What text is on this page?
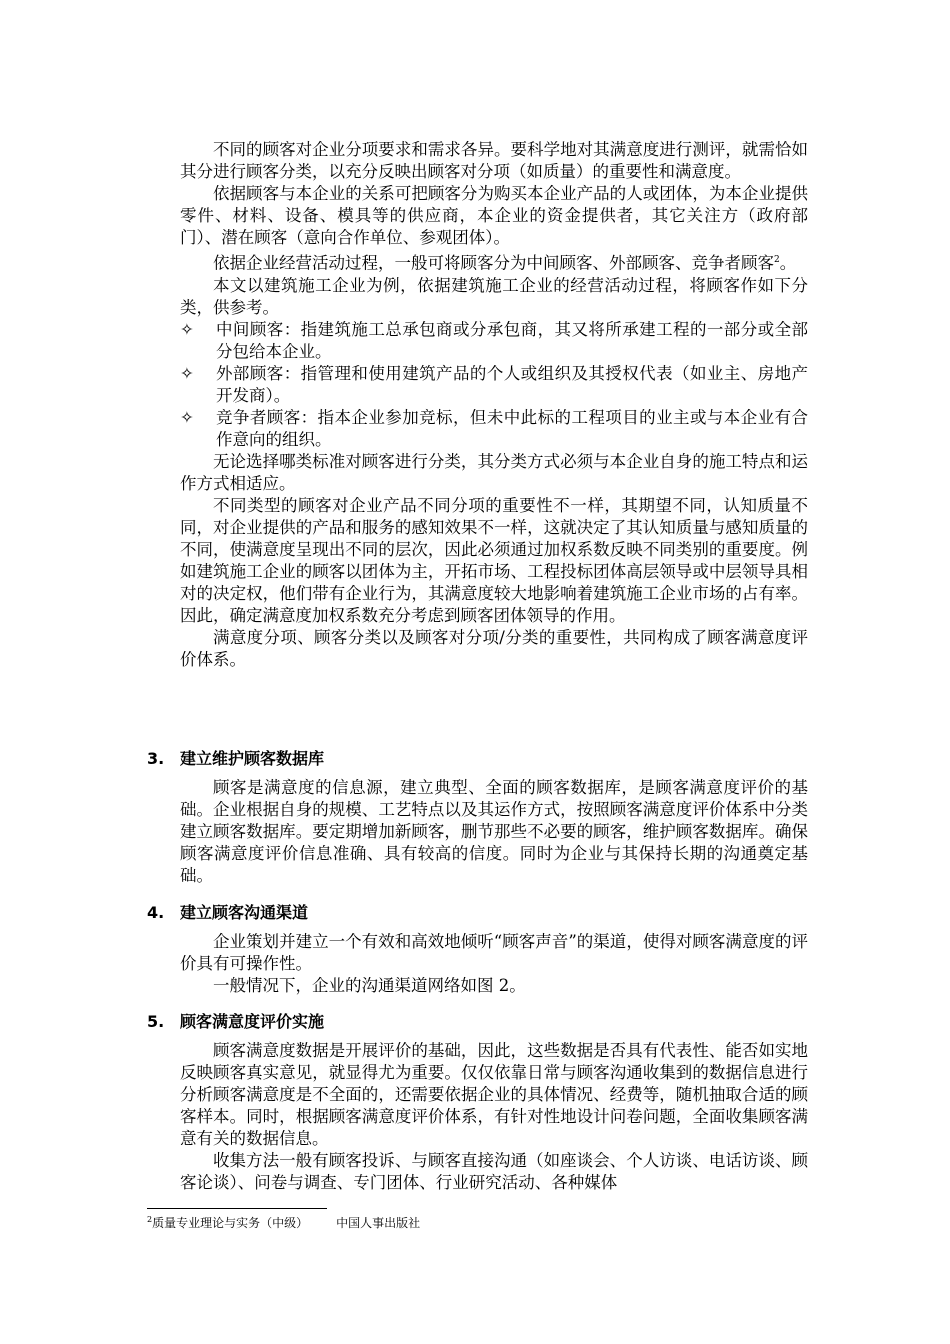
不同的顾客对企业分项要求和需求各异。要科学地对其满意度进行测评，就需恰如其分进行顾客分类，以充分反映出顾客对分项（如质量）的重要性和满意度。

依据顾客与本企业的关系可把顾客分为购买本企业产品的人或团体，为本企业提供零件、材料、设备、模具等的供应商，本企业的资金提供者，其它关注方（政府部门）、潜在顾客（意向合作单位、参观团体）。

依据企业经营活动过程，一般可将顾客分为中间顾客、外部顾客、竞争者顾客$^2$。

本文以建筑施工企业为例，依据建筑施工企业的经营活动过程，将顾客作如下分类，供参考。

✧	中间顾客：指建筑施工总承包商或分承包商，其又将所承建工程的一部分或全部分包给本企业。
✧	外部顾客：指管理和使用建筑产品的个人或组织及其授权代表（如业主、房地产开发商）。
✧	竞争者顾客：指本企业参加竞标，但未中此标的工程项目的业主或与本企业有合作意向的组织。

无论选择哪类标准对顾客进行分类，其分类方式必须与本企业自身的施工特点和运作方式相适应。

不同类型的顾客对企业产品不同分项的重要性不一样，其期望不同，认知质量不同，对企业提供的产品和服务的感知效果不一样，这就决定了其认知质量与感知质量的不同，使满意度呈现出不同的层次，因此必须通过加权系数反映不同类别的重要度。例如建筑施工企业的顾客以团体为主，开拓市场、工程投标团体高层领导或中层领导具相对的决定权，他们带有企业行为，其满意度较大地影响着建筑施工企业市场的占有率。因此，确定满意度加权系数充分考虑到顾客团体领导的作用。

满意度分项、顾客分类以及顾客对分项/分类的重要性，共同构成了顾客满意度评价体系。

3. 建立维护顾客数据库

顾客是满意度的信息源，建立典型、全面的顾客数据库，是顾客满意度评价的基础。企业根据自身的规模、工艺特点以及其运作方式，按照顾客满意度评价体系中分类建立顾客数据库。要定期增加新顾客，删节那些不必要的顾客，维护顾客数据库。确保顾客满意度评价信息准确、具有较高的信度。同时为企业与其保持长期的沟通奠定基础。

4. 建立顾客沟通渠道

企业策划并建立一个有效和高效地倾听“顾客声音”的渠道，使得对顾客满意度的评价具有可操作性。

一般情况下，企业的沟通渠道网络如图 2。

5. 顾客满意度评价实施

顾客满意度数据是开展评价的基础，因此，这些数据是否具有代表性、能否如实地反映顾客真实意见，就显得尤为重要。仅仅依靠日常与顾客沟通收集到的数据信息进行分析顾客满意度是不全面的，还需要依据企业的具体情况、经费等，随机抽取合适的顾客样本。同时，根据顾客满意度评价体系，有针对性地设计问卷问题，全面收集顾客满意有关的数据信息。

收集方法一般有顾客投诉、与顾客直接沟通（如座谈会、个人访谈、电话访谈、顾客论谈）、问卷与调查、专门团体、行业研究活动、各种媒体

$^2$质量专业理论与实务（中级） 中国人事出版社
